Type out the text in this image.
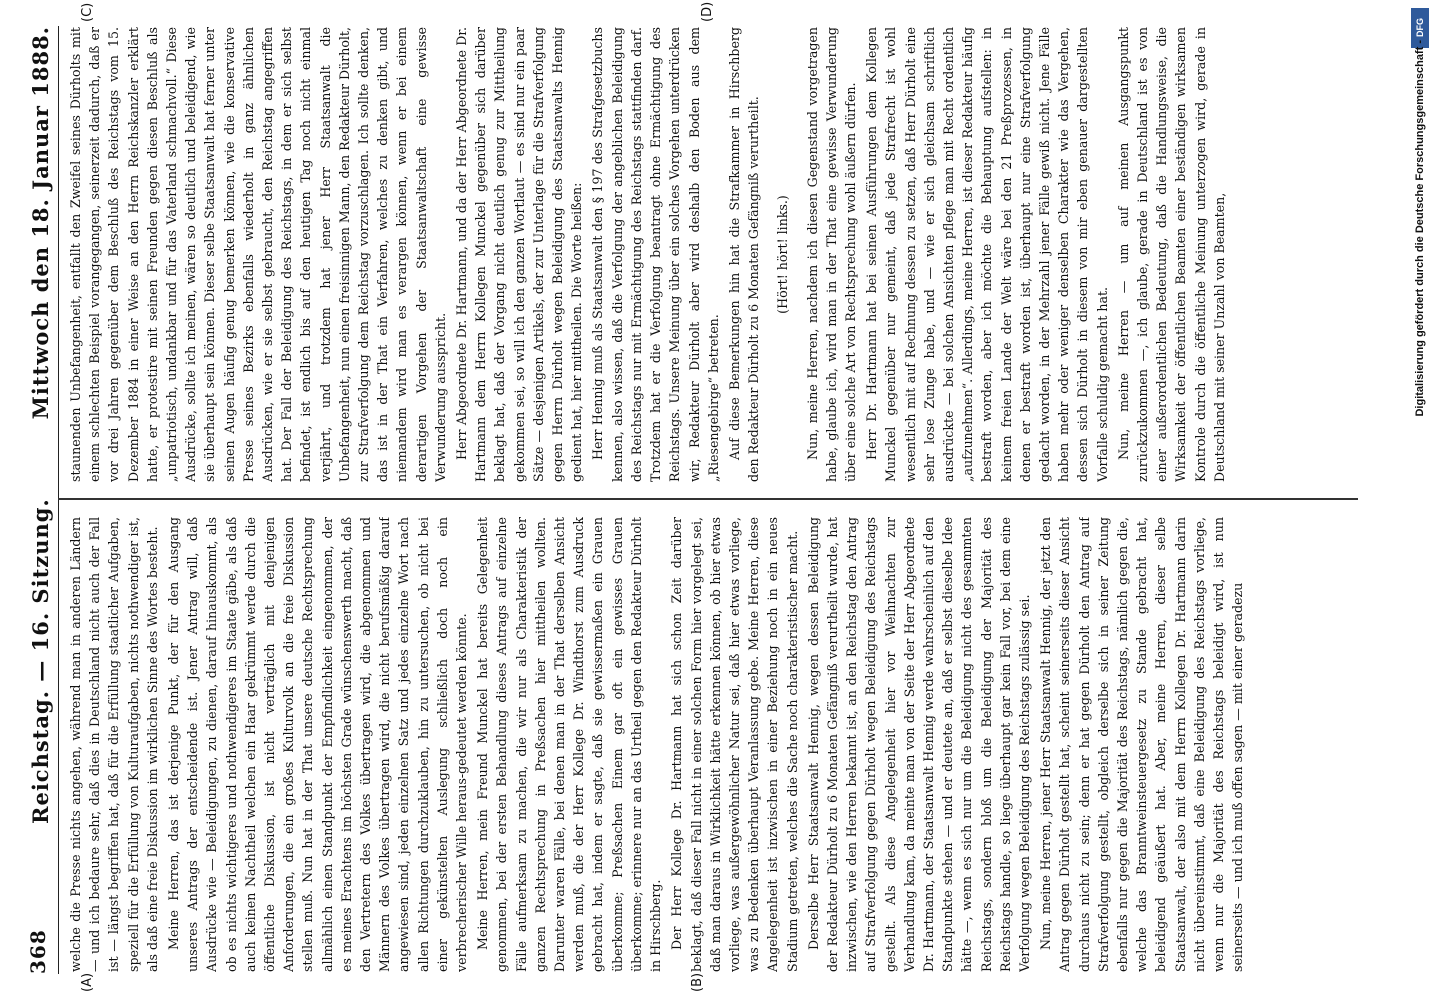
368
Reichstag. — 16. Sitzung.
Mittwoch den 18. Januar 1888.
(A)	(B)
(C)	(D)

welche die Presse nichts angehen, während man in anderen Ländern — und ich bedaure sehr, daß dies in Deutschland nicht auch der Fall ist — längst begriffen hat, daß für die Erfüllung staatlicher Aufgaben, speziell für die Erfüllung von Kulturaufgaben, nichts nothwendiger ist, als daß eine freie Diskussion im wirklichen Sinne des Wortes besteht. Meine Herren, das ist derjenige Punkt, der für den Ausgang unseres Antrags der entscheidende ist. Jener Antrag will, daß Ausdrücke wie — Beleidigungen, zu dienen, darauf hinauskommt, als ob es nichts wichtigeres und nothwendigeres im Staate gäbe, als daß auch keinen Nachtheil welchen ein Haar gekrümmt werde durch die öffentliche Diskussion, ist nicht verträglich mit denjenigen Anforderungen, die ein großes Kulturvolk an die freie Diskussion stellen muß. Nun hat in der That unsere deutsche Rechtsprechung allmählich einen Standpunkt der Empfindlichkeit eingenommen, der es meines Erachtens im höchsten Grade wünschenswerth macht, daß den Vertretern des Volkes übertragen wird, die abgenommen und Männern des Volkes übertragen wird, die nicht berufsmäßig darauf angewiesen sind, jeden einzelnen Satz und jedes einzelne Wort nach allen Richtungen durchzuklauben, hin zu untersuchen, ob nicht bei einer gekünstelten Auslegung schließlich doch noch ein verbrecherischer Wille heraus-gedeutet werden könnte. Meine Herren, mein Freund Munckel hat bereits Gelegenheit genommen, bei der ersten Behandlung dieses Antrags auf einzelne Fälle aufmerksam zu machen, die wir nur als Charakteristik der ganzen Rechtsprechung in Preßsachen hier mittheilen wollten. Darunter waren Fälle, bei denen man in der That derselben Ansicht werden muß, die der Herr Kollege Dr. Windthorst zum Ausdruck gebracht hat, indem er sagte, daß sie gewissermaßen ein Grauen überkomme; Preßsachen Einem gar oft ein gewisses Grauen überkomme; erinnere nur an das Urtheil gegen den Redakteur Dürholt in Hirschberg. Der Herr Kollege Dr. Hartmann hat sich schon Zeit darüber beklagt, daß dieser Fall nicht in einer solchen Form hier vorgelegt sei, daß man daraus in Wirklichkeit hätte erkennen können, ob hier etwas vorliege, was außergewöhnlicher Natur sei, daß hier etwas vorliege, was zu Bedenken überhaupt Veranlassung gebe. Meine Herren, diese Angelegenheit ist inzwischen in einer Beziehung noch in ein neues Stadium getreten, welches die Sache noch charakteristischer macht. Derselbe Herr Staatsanwalt Hennig, wegen dessen Beleidigung der Redakteur Dürholt zu 6 Monaten Gefängniß verurtheilt wurde, hat inzwischen, wie den Herren bekannt ist, an den Reichstag den Antrag auf Strafverfolgung gegen Dürholt wegen Beleidigung des Reichstags gestellt. Als diese Angelegenheit hier vor Weihnachten zur Verhandlung kam, da meinte man von der Seite der Herr Abgeordnete Dr. Hartmann, der Staatsanwalt Hennig werde wahrscheinlich auf den Standpunkte stehen — und er deutete an, daß er selbst dieselbe Idee hätte —, wenn es sich nur um die Beleidigung nicht des gesammten Reichstags, sondern bloß um die Beleidigung der Majorität des Reichstags handle, so liege überhaupt gar kein Fall vor, bei dem eine Verfolgung wegen Beleidigung des Reichstags zulässig sei. Nun, meine Herren, jener Herr Staatsanwalt Hennig, der jetzt den Antrag gegen Dürholt gestellt hat, scheint seinerseits dieser Ansicht durchaus nicht zu sein; denn er hat gegen Dürholt den Antrag auf Strafverfolgung gestellt, obgleich derselbe sich in seiner Zeitung ebenfalls nur gegen die Majorität des Reichstags, nämlich gegen die, welche das Branntweinsteuergesetz zu Stande gebracht hat, beleidigend geäußert hat. Aber, meine Herren, dieser selbe Staatsanwalt, der also mit dem Herrn Kollegen Dr. Hartmann darin nicht übereinstimmt, daß eine Beleidigung des Reichstags vorliege, wenn nur die Majorität des Reichstags beleidigt wird, ist nun seinerseits — und ich muß offen sagen — mit einer geradezu

staunenden Unbefangenheit, entfallt den Zweifel seines Dürholts mit einem schlechten Beispiel vorangegangen, seinerzeit dadurch, daß er vor drei Jahren gegenüber dem Beschluß des Reichstags vom 15. Dezember 1884 in einer Weise an den Herrn Reichskanzler erklärt hatte, er protestire mit seinen Freunden gegen diesen Beschluß als „unpatriotisch, undankbar und für das Vaterland schmachvoll.“ Diese Ausdrücke, sollte ich meinen, wären so deutlich und beleidigend, wie sie überhaupt sein können. Dieser selbe Staatsanwalt hat ferner unter seinen Augen häufig genug bemerken können, wie die konservative Presse seines Bezirks ebenfalls wiederholt in ganz ähnlichen Ausdrücken, wie er sie selbst gebraucht, den Reichstag angegriffen hat. Der Fall der Beleidigung des Reichstags, in dem er sich selbst befindet, ist endlich bis auf den heutigen Tag noch nicht einmal verjährt, und trotzdem hat jener Herr Staatsanwalt die Unbefangenheit, nun einen freisinnigen Mann, den Redakteur Dürholt, zur Strafverfolgung dem Reichstag vorzuschlagen. Ich sollte denken, das ist in der That ein Verfahren, welches zu denken gibt, und niemandem wird man es verargen können, wenn er bei einem derartigen Vorgehen der Staatsanwaltschaft eine gewisse Verwunderung ausspricht. Herr Abgeordnete Dr. Hartmann, und da der Herr Abgeordnete Dr. Hartmann dem Herrn Kollegen Munckel gegenüber sich darüber beklagt hat, daß der Vorgang nicht deutlich genug zur Mittheilung gekommen sei, so will ich den ganzen Wortlaut — es sind nur ein paar Sätze — desjenigen Artikels, der zur Unterlage für die Strafverfolgung gegen Herrn Dürholt wegen Beleidigung des Staatsanwalts Hennig gedient hat, hier mittheilen. Die Worte heißen: Herr Hennig muß als Staatsanwalt den § 197 des Strafgesetzbuchs kennen, also wissen, daß die Verfolgung der angeblichen Beleidigung des Reichstags nur mit Ermächtigung des Reichstags stattfinden darf. Trotzdem hat er die Verfolgung beantragt ohne Ermächtigung des Reichstags. Unsere Meinung über ein solches Vorgehen unterdrücken wir, Redakteur Dürholt aber wird deshalb den Boden aus dem „Riesengebirge“ betreten. Auf diese Bemerkungen hin hat die Strafkammer in Hirschberg den Redakteur Dürholt zu 6 Monaten Gefängniß verurtheilt. (Hört! hört! links.) Nun, meine Herren, nachdem ich diesen Gegenstand vorgetragen habe, glaube ich, wird man in der That eine gewisse Verwunderung über eine solche Art von Rechtsprechung wohl äußern dürfen. Herr Dr. Hartmann hat bei seinen Ausführungen dem Kollegen Munckel gegenüber nur gemeint, daß jede Strafrecht ist wohl wesentlich mit auf Rechnung dessen zu setzen, daß Herr Dürholt eine sehr lose Zunge habe, und — wie er sich gleichsam schriftlich ausdrückte — bei solchen Ansichten pflege man mit Recht ordentlich „aufzunehmen“. Allerdings, meine Herren, ist dieser Redakteur häufig bestraft worden, aber ich möchte die Behauptung aufstellen: in keinem freien Lande der Welt wäre bei den 21 Preßprozessen, in denen er bestraft worden ist, überhaupt nur eine Strafverfolgung gedacht worden, in der Mehrzahl jener Fälle gewiß nicht. Jene Fälle haben mehr oder weniger denselben Charakter wie das Vergehen, dessen sich Dürholt in diesem von mir eben genauer dargestellten Vorfalle schuldig gemacht hat. Nun, meine Herren — um auf meinen Ausgangspunkt zurückzukommen —, ich glaube, gerade in Deutschland ist es von einer außerordentlichen Bedeutung, daß die Handlungsweise, die Wirksamkeit der öffentlichen Beamten einer beständigen wirksamen Kontrole durch die öffentliche Meinung unterzogen wird, gerade in Deutschland mit seiner Unzahl von Beamten,

DFG
Digitalisierung gefördert durch die Deutsche Forschungsgemeinschaft -
